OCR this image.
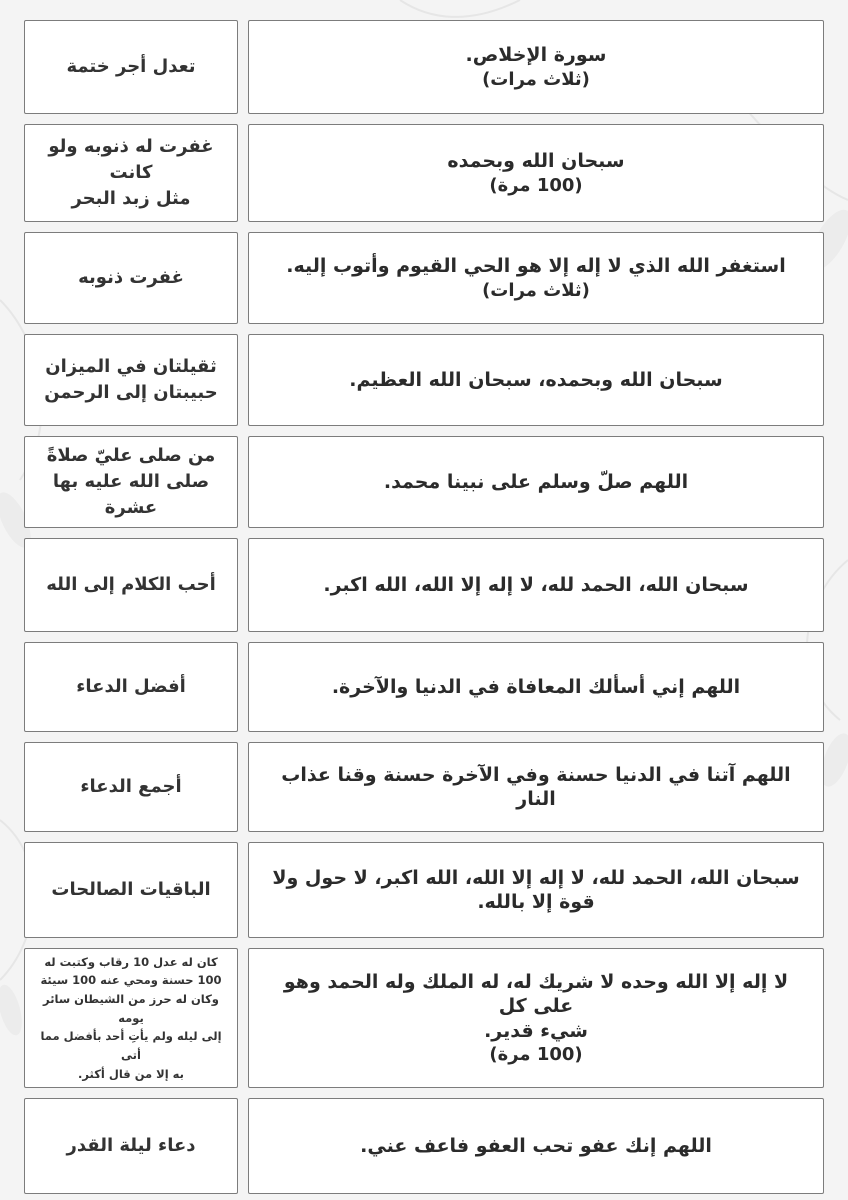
سورة الإخلاص.
(ثلاث مرات)
تعدل أجر ختمة
سبحان الله وبحمده
(100 مرة)
غفرت له ذنوبه ولو كانت
مثل زبد البحر
استغفر الله الذي لا إله إلا هو الحي القيوم وأتوب إليه.
(ثلاث مرات)
غفرت ذنوبه
سبحان الله وبحمده، سبحان الله العظيم.
ثقيلتان في الميزان
حبيبتان إلى الرحمن
اللهم صلّ وسلم على نبينا محمد.
من صلى عليّ صلاةً
صلى الله عليه بها عشرة
سبحان الله، الحمد لله، لا إله إلا الله، الله اكبر.
أحب الكلام إلى الله
اللهم إني أسألك المعافاة في الدنيا والآخرة.
أفضل الدعاء
اللهم آتنا في الدنيا حسنة وفي الآخرة حسنة وقنا عذاب النار
أجمع الدعاء
سبحان الله، الحمد لله، لا إله إلا الله، الله اكبر، لا حول ولا قوة إلا بالله.
الباقيات الصالحات
لا إله إلا الله وحده لا شريك له، له الملك وله الحمد وهو على كل
شيء قدير.
(100 مرة)
كان له عدل 10 رقاب وكتبت له
100 حسنة ومحي عنه 100 سيئة
وكان له حرز من الشيطان سائر يومه
إلى ليله ولم يأتِ أحد بأفضل مما أتى
به إلا من قال أكثر.
اللهم إنك عفو تحب العفو فاعف عني.
دعاء ليلة القدر
